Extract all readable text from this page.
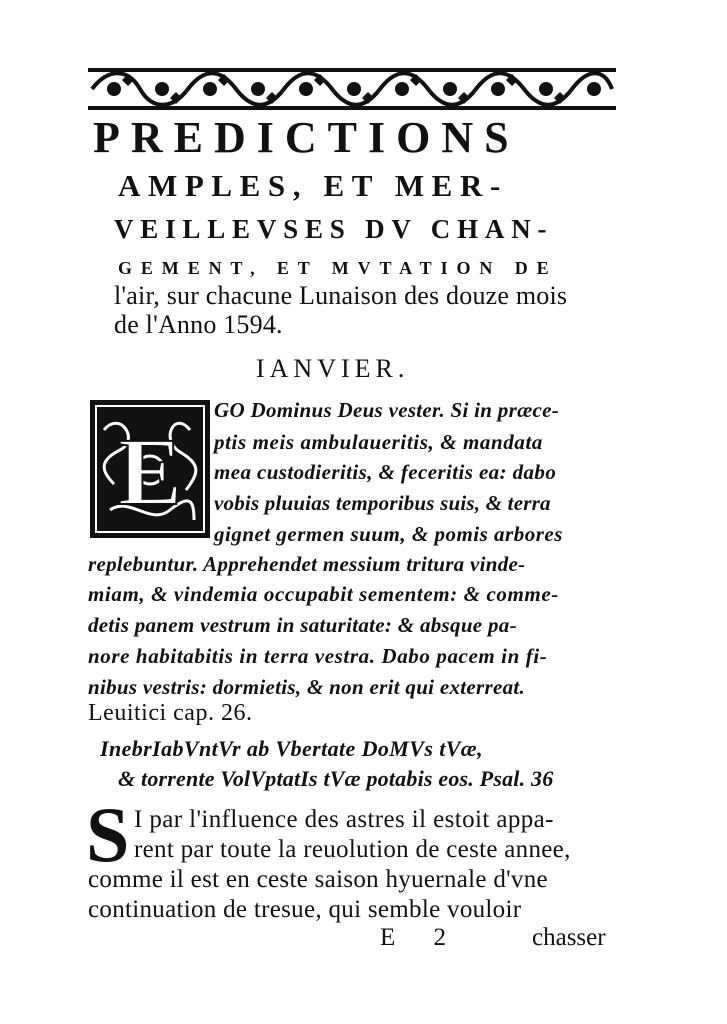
PREDICTIONS
AMPLES, ET MER-
VEILLEVSES DV CHAN-
GEMENT, ET MVTATION DE
l'air, sur chacune Lunaison des douze mois
de l'Anno 1594.
IANVIER.
E
GO Dominus Deus vester. Si in præce-
ptis meis ambulaueritis, & mandata
mea custodieritis, & feceritis ea: dabo
vobis pluuias temporibus suis, & terra
gignet germen suum, & pomis arbores
replebuntur. Apprehendet messium tritura vinde-
miam, & vindemia occupabit sementem: & comme-
detis panem vestrum in saturitate: & absque pa-
nore habitabitis in terra vestra. Dabo pacem in fi-
nibus vestris: dormietis, & non erit qui exterreat.
Leuitici cap. 26.
InebrIabVntVr ab Vbertate DoMVs tVæ,
& torrente VolVptatIs tVæ potabis eos. Psal. 36
S I par l'influence des astres il estoit appa-
rent par toute la reuolution de ceste annee,
comme il est en ceste saison hyuernale d'vne
continuation de tresue, qui semble vouloir
E 2	chasser
